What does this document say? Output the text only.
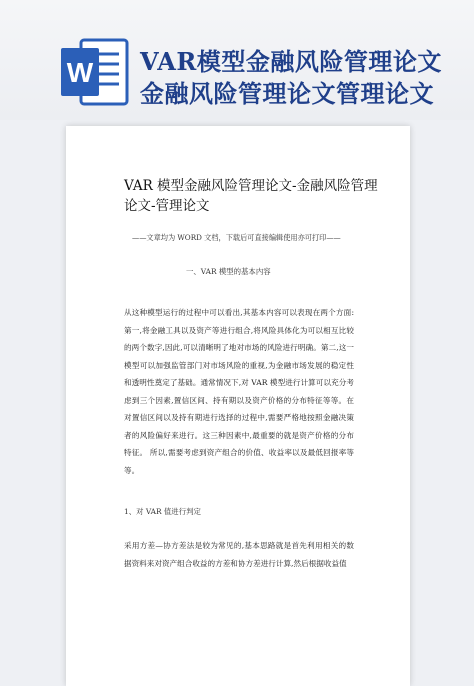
W VAR模型金融风险管理论文
金融风险管理论文管理论文
VAR 模型金融风险管理论文-金融风险管理论文-管理论文
——文章均为 WORD 文档，下载后可直接编辑使用亦可打印——
一、VAR 模型的基本内容
从这种模型运行的过程中可以看出,其基本内容可以表现在两个方面:第一,将金融工具以及资产等进行组合,将风险具体化为可以相互比较的两个数字,因此,可以清晰明了地对市场的风险进行明确。第二,这一模型可以加强监管部门对市场风险的重视,为金融市场发展的稳定性和透明性奠定了基础。通常情况下,对 VAR 模型进行计算可以充分考虑到三个因素,置信区间、持有期以及资产价格的分布特征等等。在对置信区间以及持有期进行选择的过程中,需要严格地按照金融决策者的风险偏好来进行。这三种因素中,最重要的就是资产价格的分布特征。 所以,需要考虑到资产组合的价值、收益率以及最低回报率等等。
1、对 VAR 值进行判定
采用方差—协方差法是较为常见的,基本思路就是首先利用相关的数据资料来对资产组合收益的方差和协方差进行计算,然后根据收益值
